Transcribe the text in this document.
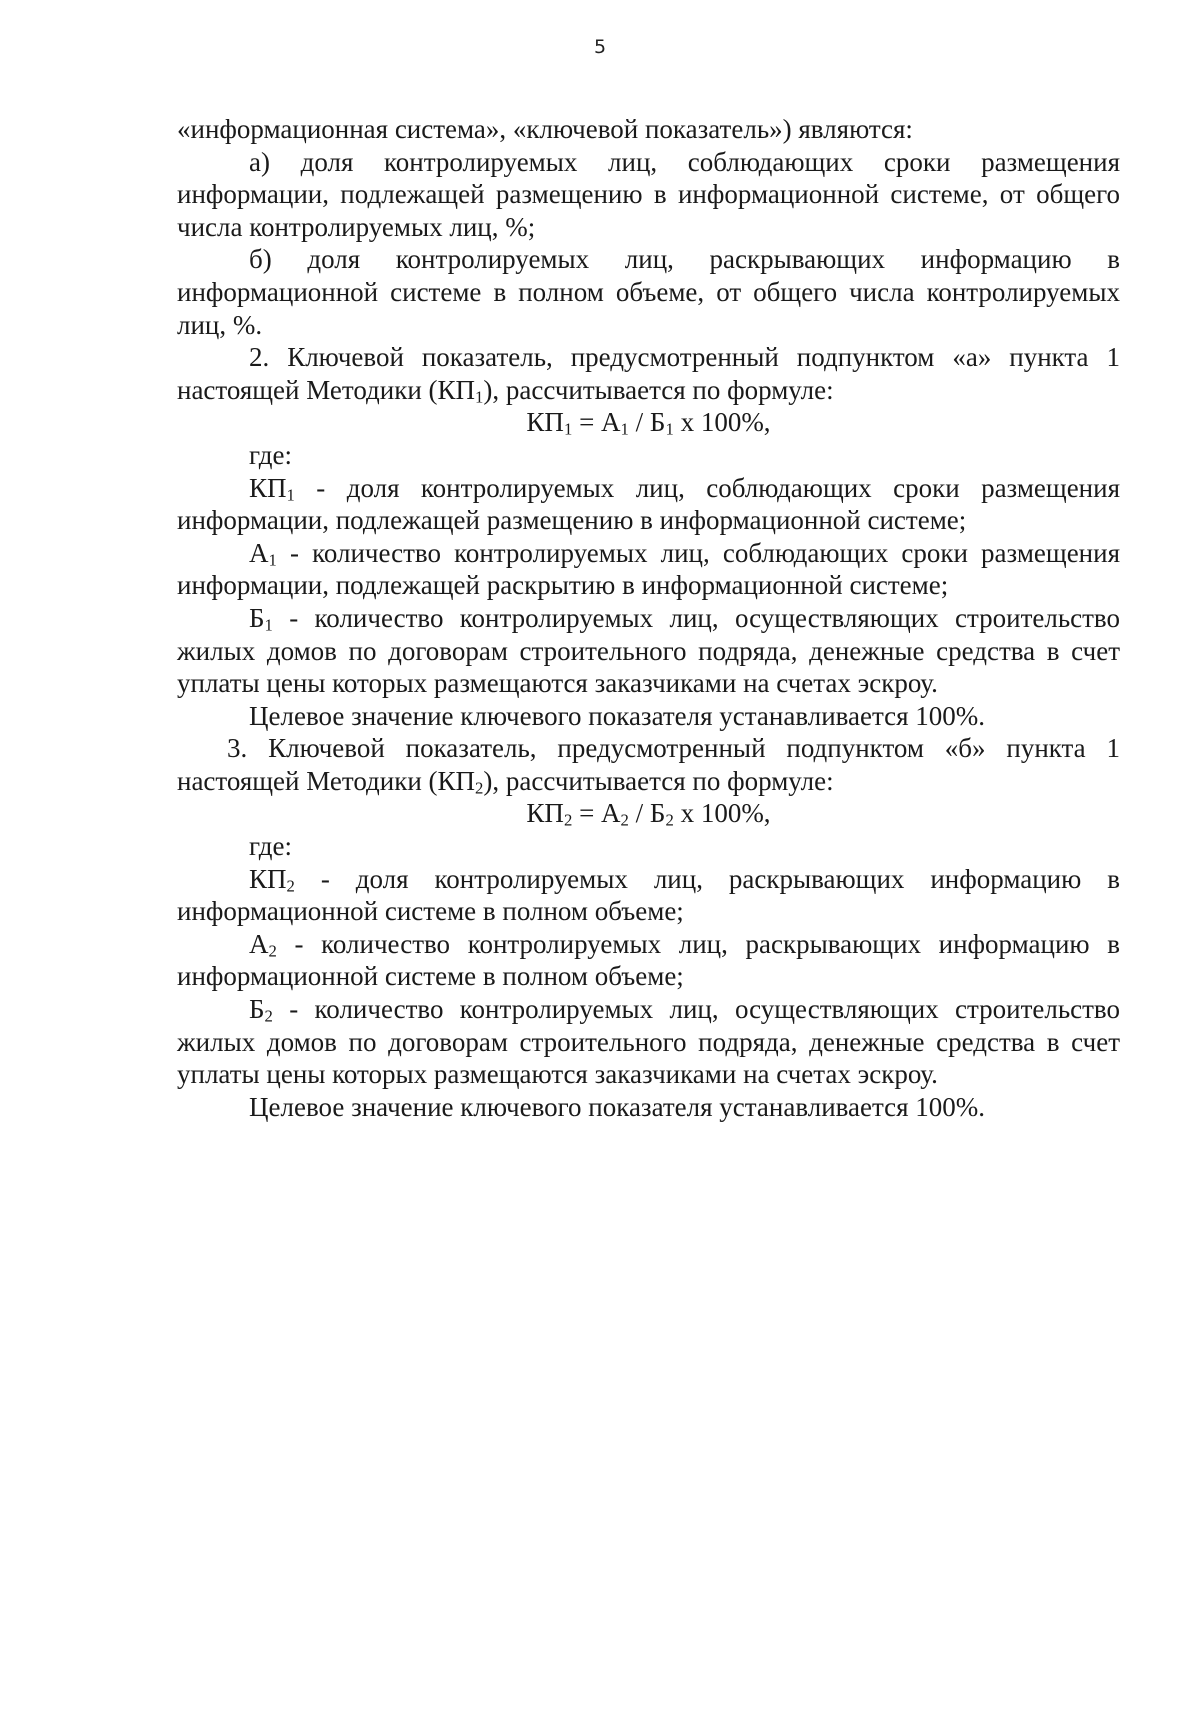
5

«информационная система», «ключевой показатель») являются:

а) доля контролируемых лиц, соблюдающих сроки размещения информации, подлежащей размещению в информационной системе, от общего числа контролируемых лиц, %;

б) доля контролируемых лиц, раскрывающих информацию в информационной системе в полном объеме, от общего числа контролируемых лиц, %.

2. Ключевой показатель, предусмотренный подпунктом «а» пункта 1 настоящей Методики $(КП_1)$, рассчитывается по формуле:

$КП_1 = А_1 / Б_1$ х 100%,

где:

$КП_1$ - доля контролируемых лиц, соблюдающих сроки размещения информации, подлежащей размещению в информационной системе;

$А_1$ - количество контролируемых лиц, соблюдающих сроки размещения информации, подлежащей раскрытию в информационной системе;

$Б_1$ - количество контролируемых лиц, осуществляющих строительство жилых домов по договорам строительного подряда, денежные средства в счет уплаты цены которых размещаются заказчиками на счетах эскроу.

Целевое значение ключевого показателя устанавливается 100%.

3. Ключевой показатель, предусмотренный подпунктом «б» пункта 1 настоящей Методики $(КП_2)$, рассчитывается по формуле:

$КП_2 = А_2 / Б_2$ х 100%,

где:

$КП_2$ - доля контролируемых лиц, раскрывающих информацию в информационной системе в полном объеме;

$А_2$ - количество контролируемых лиц, раскрывающих информацию в информационной системе в полном объеме;

$Б_2$ - количество контролируемых лиц, осуществляющих строительство жилых домов по договорам строительного подряда, денежные средства в счет уплаты цены которых размещаются заказчиками на счетах эскроу.

Целевое значение ключевого показателя устанавливается 100%.
